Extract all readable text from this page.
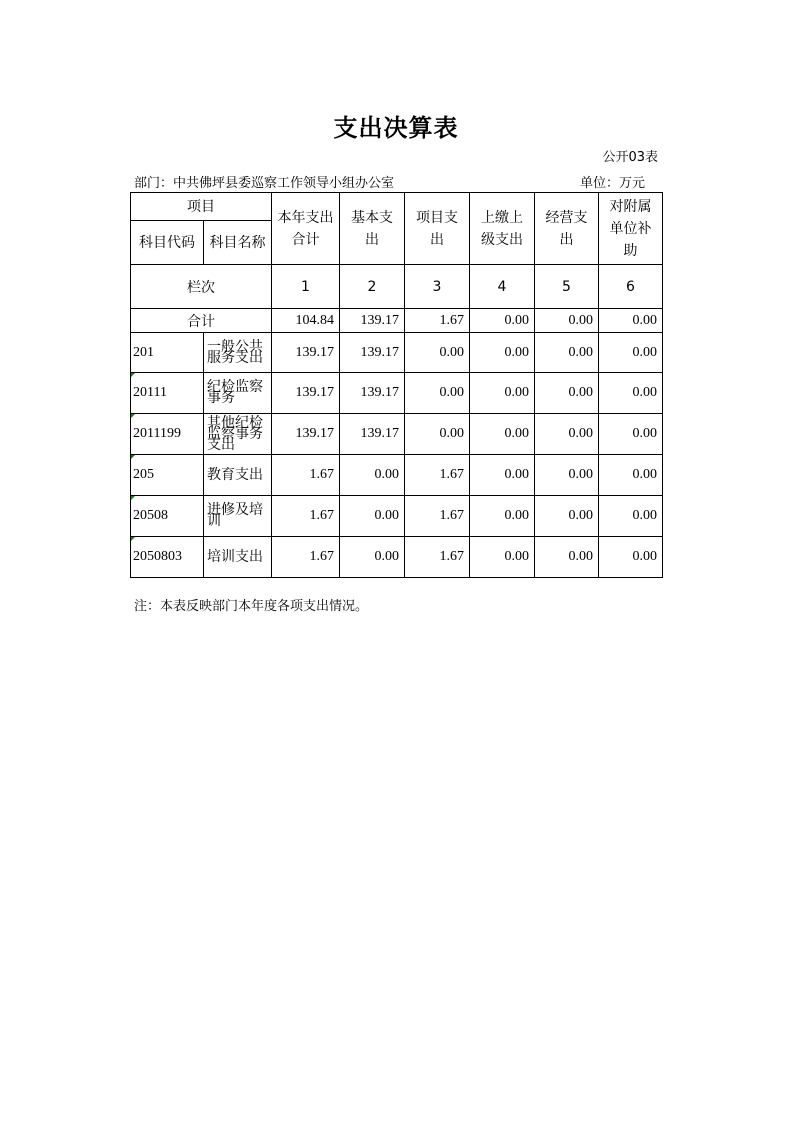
支出决算表
公开03表
部门：中共佛坪县委巡察工作领导小组办公室	单位：万元
项目		本年支出合计	基本支出	项目支出	上缴上级支出	经营支出	对附属单位补助

科目代码	科目名称						
栏次		1	2	3	4	5	6
合计		104.84	139.17	1.67	0.00	0.00	0.00
201	一般公共服务支出	139.17	139.17	0.00	0.00	0.00	0.00
20111	纪检监察事务	139.17	139.17	0.00	0.00	0.00	0.00
2011199	其他纪检监察事务支出	139.17	139.17	0.00	0.00	0.00	0.00
205	教育支出	1.67	0.00	1.67	0.00	0.00	0.00
20508	进修及培训	1.67	0.00	1.67	0.00	0.00	0.00
2050803	培训支出	1.67	0.00	1.67	0.00	0.00	0.00
注：本表反映部门本年度各项支出情况。
